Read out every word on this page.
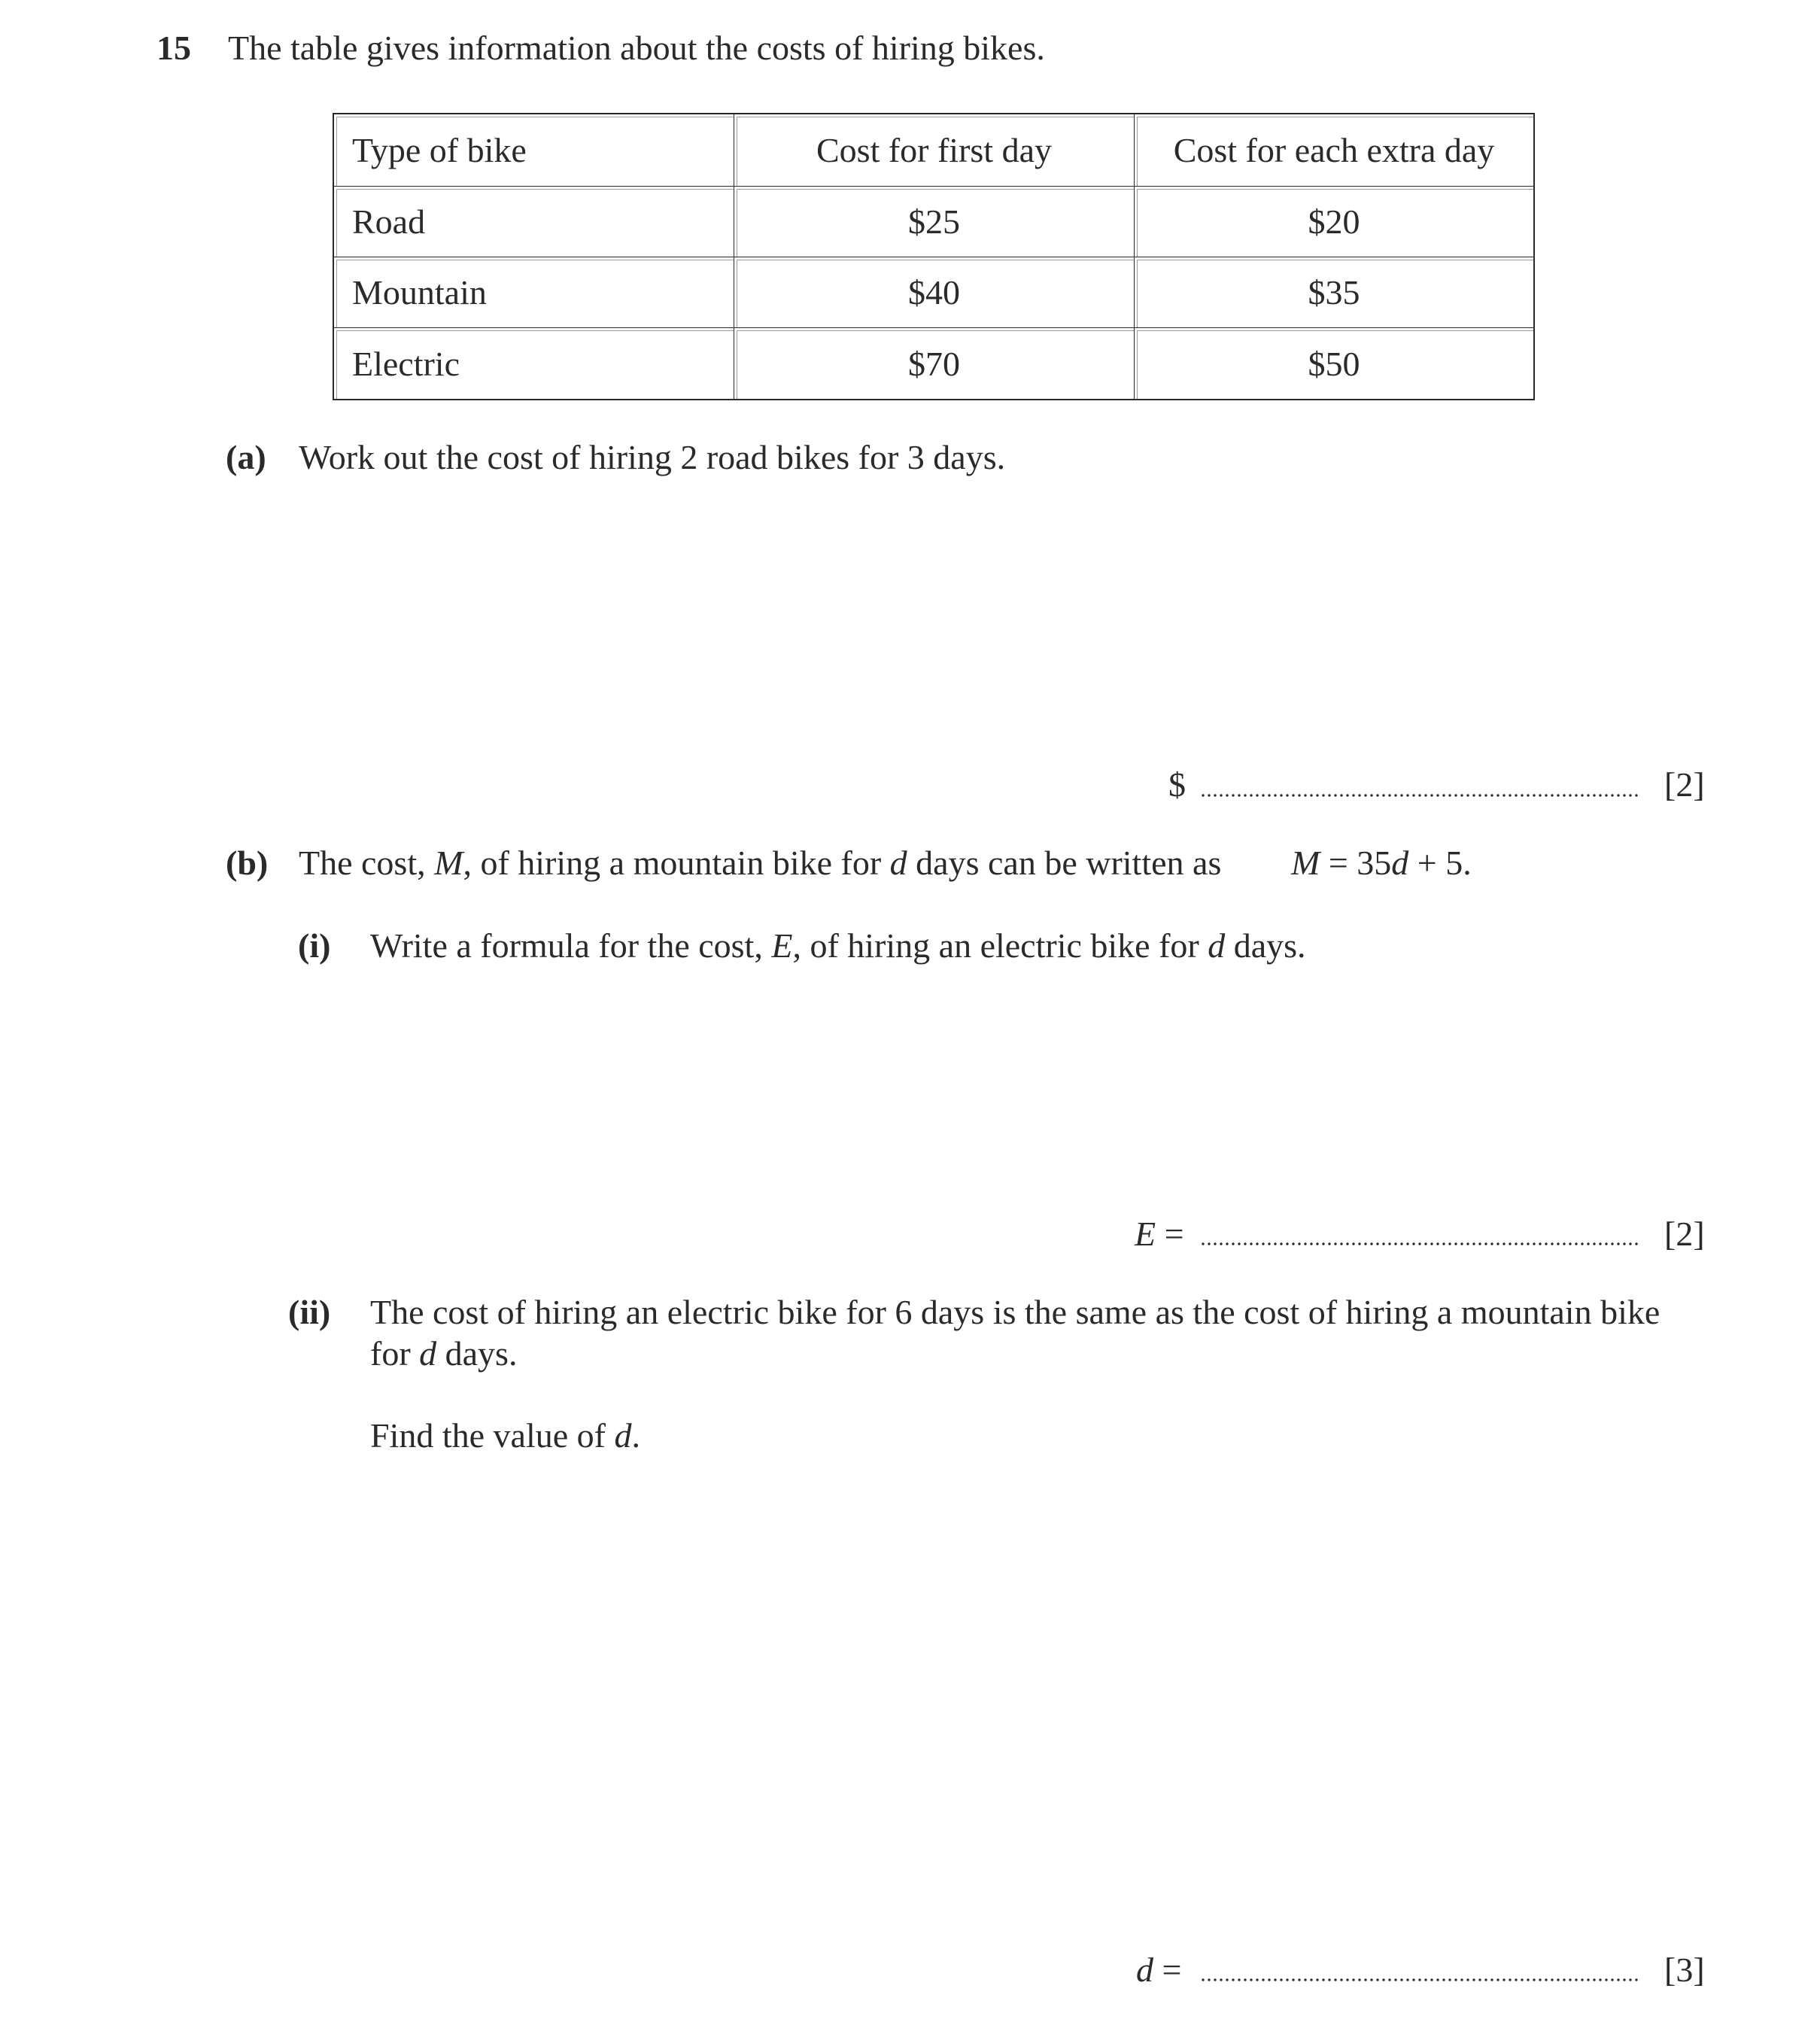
15 The table gives information about the costs of hiring bikes.
Type of bike	Cost for first day	Cost for each extra day
Road	$25	$20
Mountain	$40	$35
Electric	$70	$50
(a) Work out the cost of hiring 2 road bikes for 3 days.
$	[2]
(b) The cost, M, of hiring a mountain bike for d days can be written as M = 35d + 5.
(i) Write a formula for the cost, E, of hiring an electric bike for d days.
E =	[2]
(ii) The cost of hiring an electric bike for 6 days is the same as the cost of hiring a mountain bike
for d days.
Find the value of d.
d =	[3]
